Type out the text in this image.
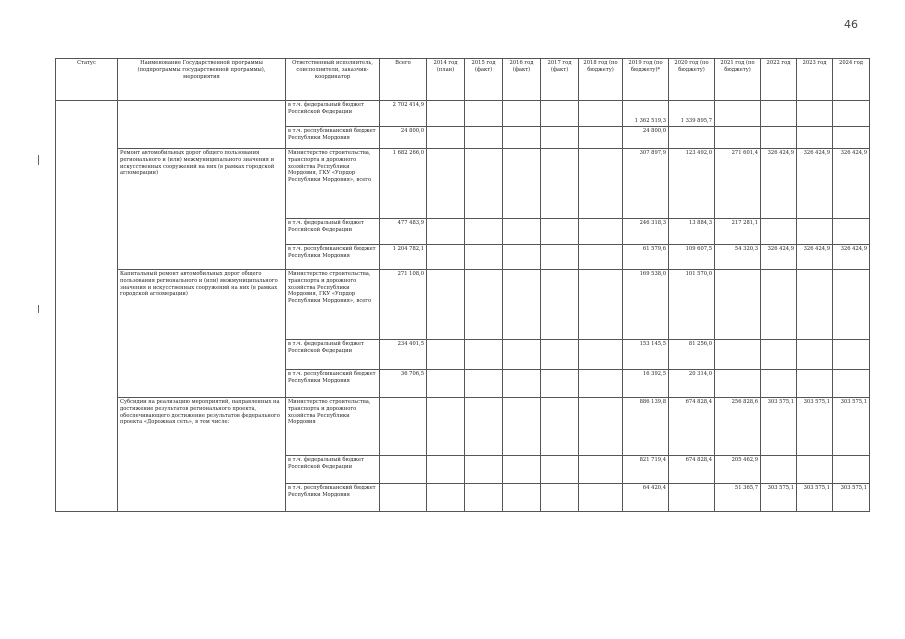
46
Статус	Наименование Государственной программы (подпрограммы государственной программы), мероприятия	Ответственный исполнитель, соисполнители, заказчик-координатор	Всего	2014 год (план)	2015 год (факт)	2016 год (факт)	2017 год (факт)	2018 год (по бюджету)	2019 год (по бюджету)*	2020 год (по бюджету)	2021 год (по бюджету)	2022 год	2023 год	2024 год
		в т.ч. федеральный бюджет Российской Федерации	2 702 414,9						1 362 519,3	1 339 895,7				
		в т.ч. республиканский бюджет Республики Мордовия	24 800,0						24 800,0					
	Ремонт автомобильных дорог общего пользования регионального и (или) межмуниципального значения и искусственных сооружений на них (в рамках городской агломерации)	Министерство строительства, транспорта и дорожного хозяйства Республики Мордовия, ГКУ «Упрдор Республики Мордовия», всего	1 682 266,0						307 897,9	123 492,0	271 601,4	326 424,9	326 424,9	326 424,9
		в т.ч. федеральный бюджет Российской Федерации	477 483,9						246 318,3	13 884,3	217 281,1			
		в т.ч. республиканский бюджет Республики Мордовия	1 204 782,1						61 579,6	109 607,5	54 320,3	326 424,9	326 424,9	326 424,9
	Капитальный ремонт автомобильных дорог общего пользования регионального и (или) межмуниципального значения и искусственных сооружений на них (в рамках городской агломерации)	Министерство строительства, транспорта и дорожного хозяйства Республики Мордовия, ГКУ «Упрдор Республики Мордовия», всего	271 108,0						169 538,0	101 570,0				
		в т.ч. федеральный бюджет Российской Федерации	234 401,5						153 145,5	81 256,0				
		в т.ч. республиканский бюджет Республики Мордовия	36 706,5						16 392,5	20 314,0				
	Субсидии на реализацию мероприятий, направленных на достижение результатов регионального проекта, обеспечивающего достижение результатов федерального проекта «Дорожная сеть», в том числе:	Министерство строительства, транспорта и дорожного хозяйства Республики Мордовия							886 139,8	674 828,4	256 828,6	303 575,1	303 575,1	303 575,1
		в т.ч. федеральный бюджет Российской Федерации							821 719,4	674 828,4	205 462,9			
		в т.ч. республиканский бюджет Республики Мордовия							64 420,4		51 365,7	303 575,1	303 575,1	303 575,1
